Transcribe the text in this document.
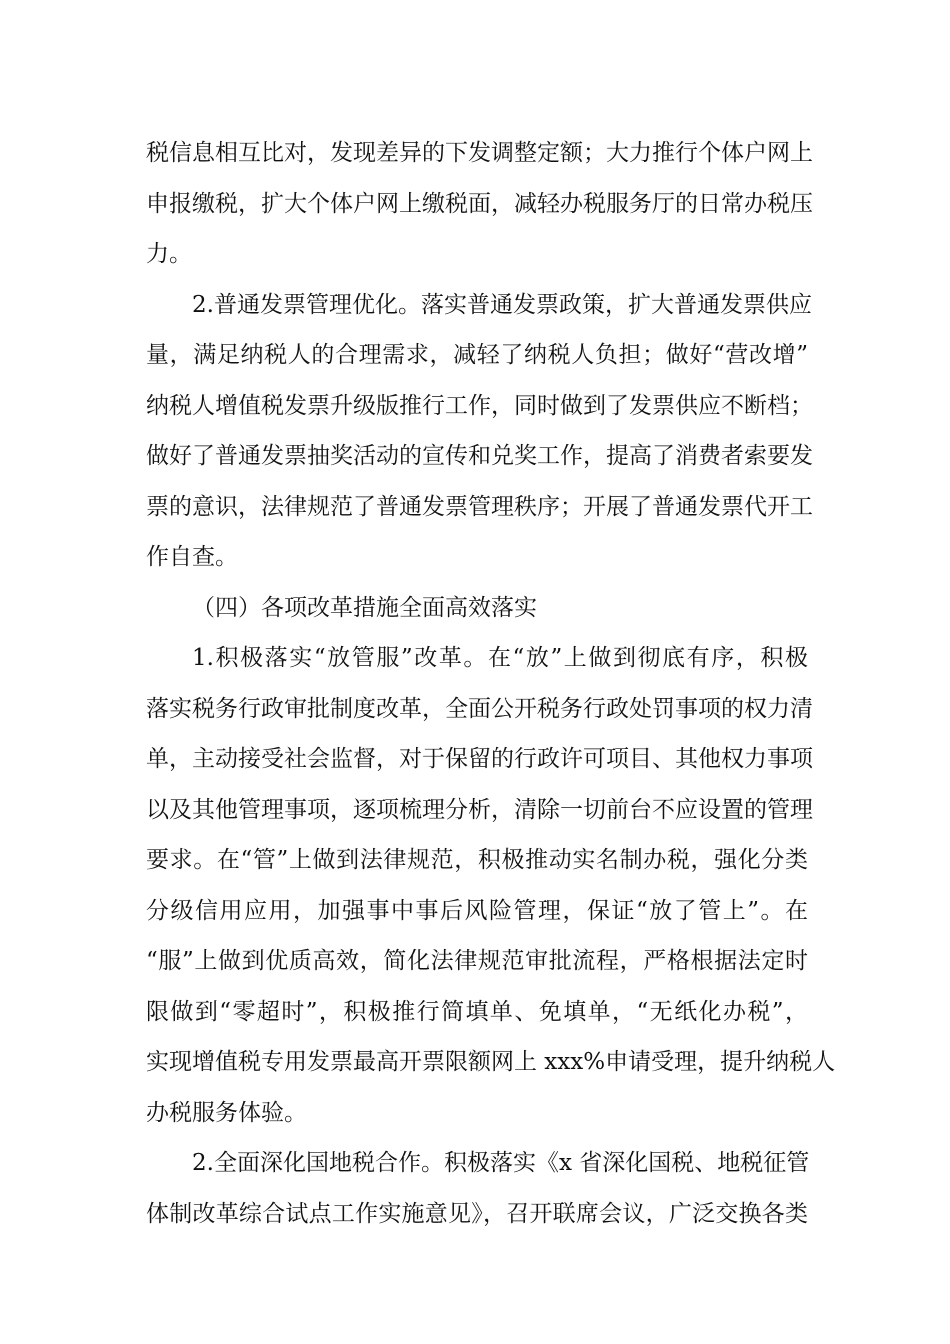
税信息相互比对，发现差异的下发调整定额；大力推行个体户网上
申报缴税，扩大个体户网上缴税面，减轻办税服务厅的日常办税压
力。
2.普通发票管理优化。落实普通发票政策，扩大普通发票供应
量，满足纳税人的合理需求，减轻了纳税人负担；做好“营改增”
纳税人增值税发票升级版推行工作，同时做到了发票供应不断档；
做好了普通发票抽奖活动的宣传和兑奖工作，提高了消费者索要发
票的意识，法律规范了普通发票管理秩序；开展了普通发票代开工
作自查。
（四）各项改革措施全面高效落实
1.积极落实“放管服”改革。在“放”上做到彻底有序，积极
落实税务行政审批制度改革，全面公开税务行政处罚事项的权力清
单，主动接受社会监督，对于保留的行政许可项目、其他权力事项
以及其他管理事项，逐项梳理分析，清除一切前台不应设置的管理
要求。在“管”上做到法律规范，积极推动实名制办税，强化分类
分级信用应用，加强事中事后风险管理，保证“放了管上”。在
“服”上做到优质高效，简化法律规范审批流程，严格根据法定时
限做到“零超时”，积极推行简填单、免填单，“无纸化办税”，
实现增值税专用发票最高开票限额网上 xxx%申请受理，提升纳税人
办税服务体验。
2.全面深化国地税合作。积极落实《x 省深化国税、地税征管
体制改革综合试点工作实施意见》，召开联席会议，广泛交换各类
